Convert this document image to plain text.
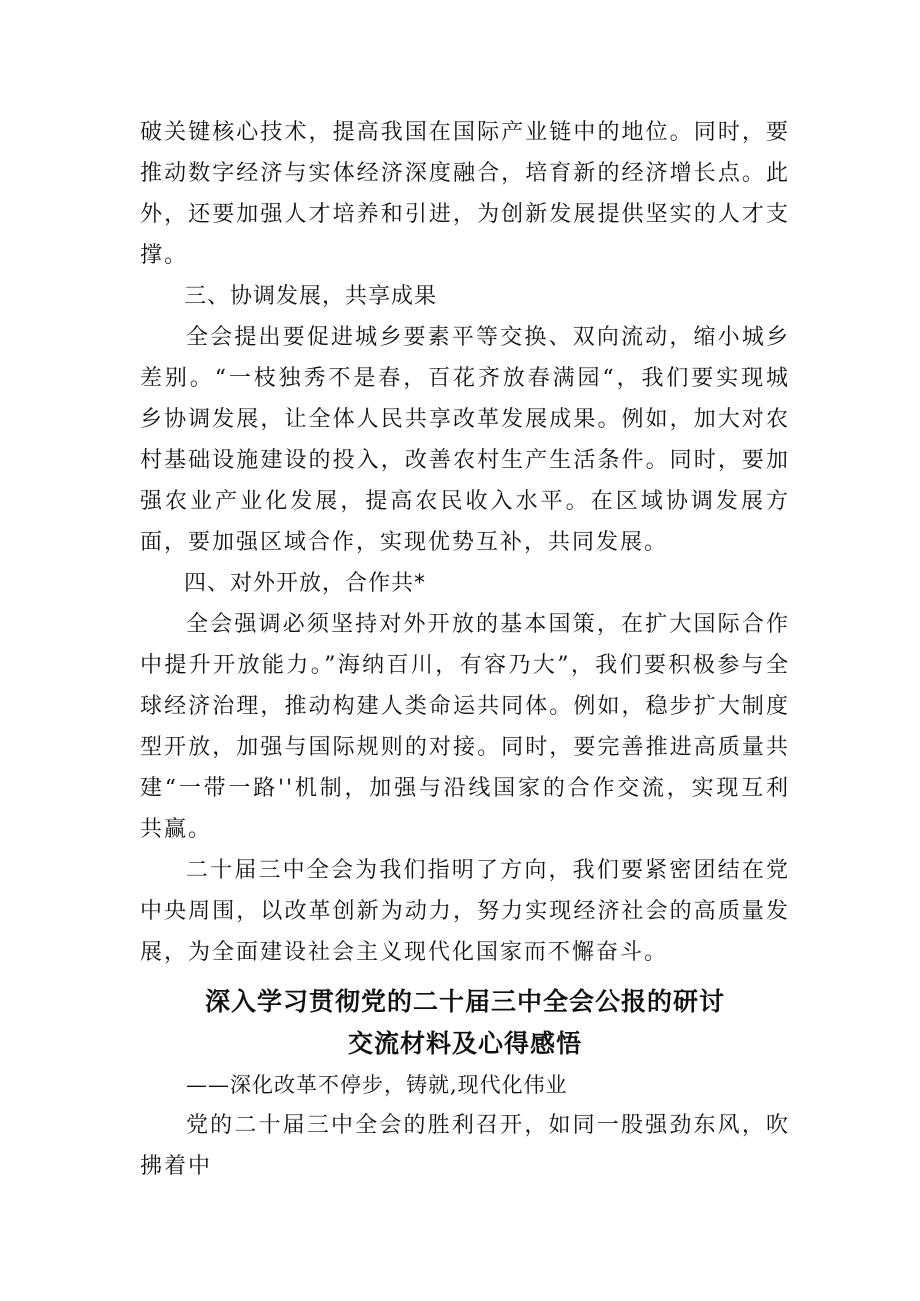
破关键核心技术，提高我国在国际产业链中的地位。同时，要推动数字经济与实体经济深度融合，培育新的经济增长点。此外，还要加强人才培养和引进，为创新发展提供坚实的人才支撑。

三、协调发展，共享成果

全会提出要促进城乡要素平等交换、双向流动，缩小城乡差别。“一枝独秀不是春，百花齐放春满园“，我们要实现城乡协调发展，让全体人民共享改革发展成果。例如，加大对农村基础设施建设的投入，改善农村生产生活条件。同时，要加强农业产业化发展，提高农民收入水平。在区域协调发展方面，要加强区域合作，实现优势互补，共同发展。

四、对外开放，合作共*

全会强调必须坚持对外开放的基本国策，在扩大国际合作中提升开放能力。”海纳百川，有容乃大”，我们要积极参与全球经济治理，推动构建人类命运共同体。例如，稳步扩大制度型开放，加强与国际规则的对接。同时，要完善推进高质量共建“一带一路''机制，加强与沿线国家的合作交流，实现互利共赢。

二十届三中全会为我们指明了方向，我们要紧密团结在党中央周围，以改革创新为动力，努力实现经济社会的高质量发展，为全面建设社会主义现代化国家而不懈奋斗。

深入学习贯彻党的二十届三中全会公报的研讨
交流材料及心得感悟

——深化改革不停步，铸就,现代化伟业

党的二十届三中全会的胜利召开，如同一股强劲东风，吹拂着中
